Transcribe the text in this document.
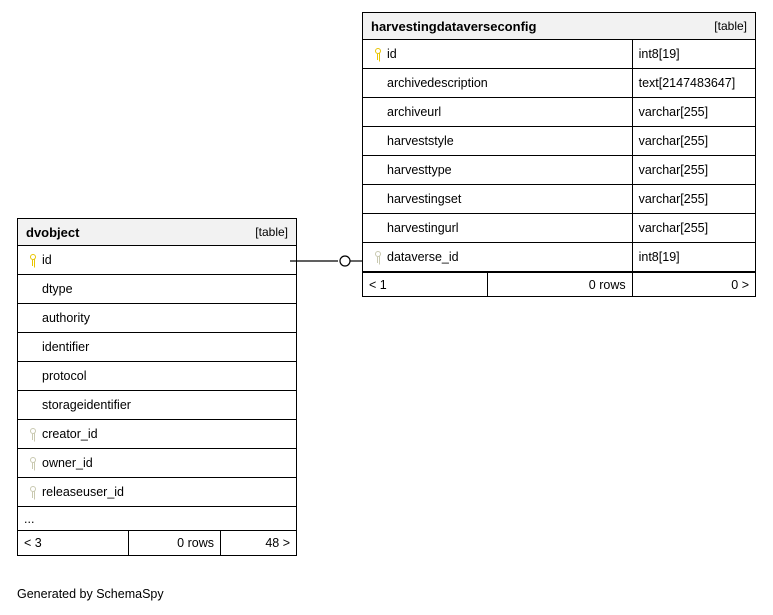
dvobject	[table]
id
dtype
authority
identifier
protocol
storageidentifier
creator_id
owner_id
releaseuser_id
...
< 3	0 rows	48 >
harvestingdataverseconfig	[table]
id	int8[19]
archivedescription	text[2147483647]
archiveurl	varchar[255]
harveststyle	varchar[255]
harvesttype	varchar[255]
harvestingset	varchar[255]
harvestingurl	varchar[255]
dataverse_id	int8[19]
< 1	0 rows	0 >
Generated by SchemaSpy
